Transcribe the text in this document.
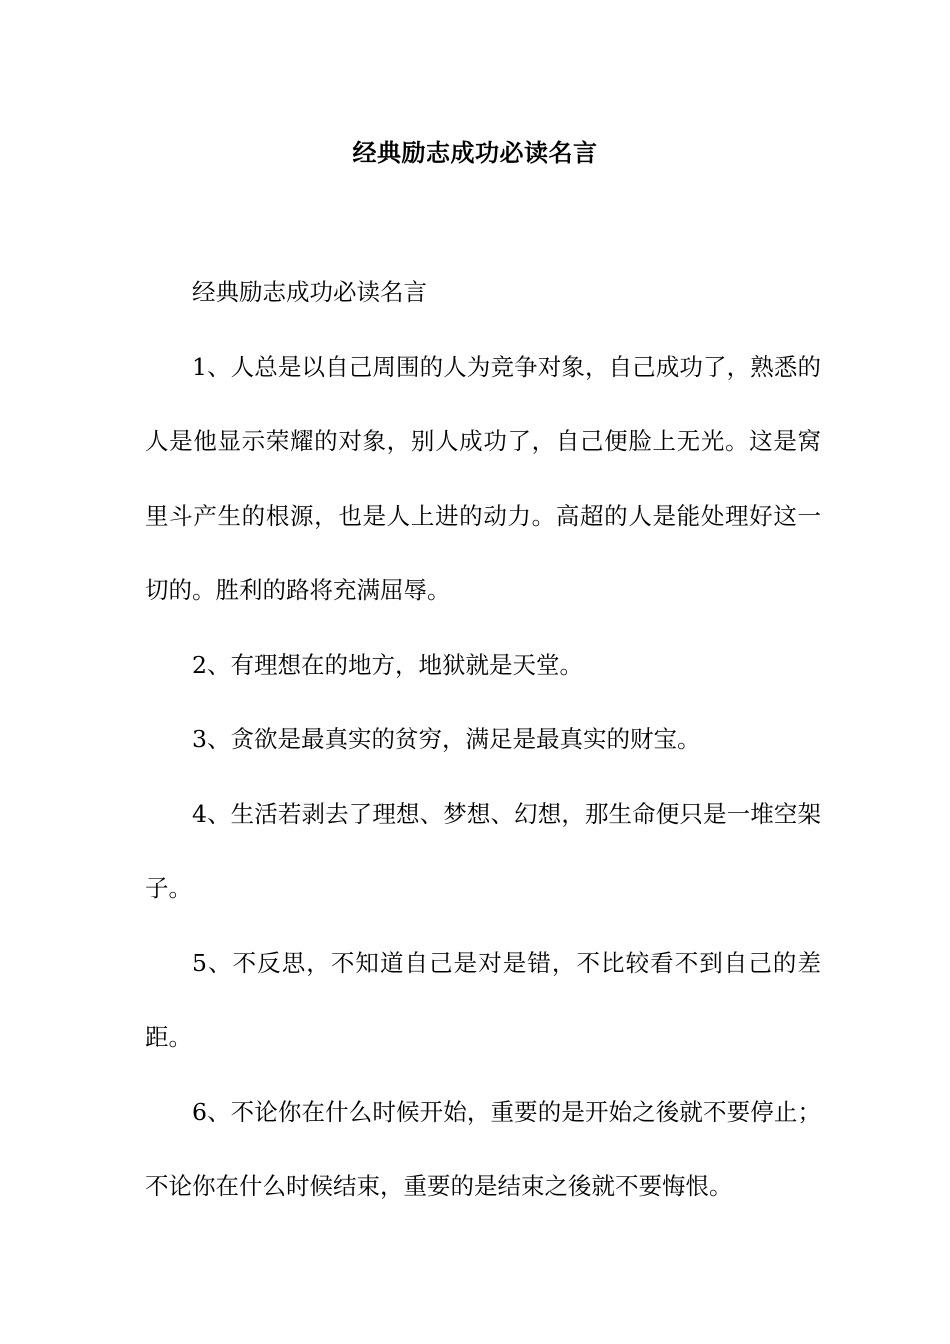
经典励志成功必读名言

经典励志成功必读名言

1、人总是以自己周围的人为竞争对象，自己成功了，熟悉的人是他显示荣耀的对象，别人成功了，自己便脸上无光。这是窝里斗产生的根源，也是人上进的动力。高超的人是能处理好这一切的。胜利的路将充满屈辱。

2、有理想在的地方，地狱就是天堂。

3、贪欲是最真实的贫穷，满足是最真实的财宝。

4、生活若剥去了理想、梦想、幻想，那生命便只是一堆空架子。

5、不反思，不知道自己是对是错，不比较看不到自己的差距。

6、不论你在什么时候开始，重要的是开始之後就不要停止；不论你在什么时候结束，重要的是结束之後就不要悔恨。
